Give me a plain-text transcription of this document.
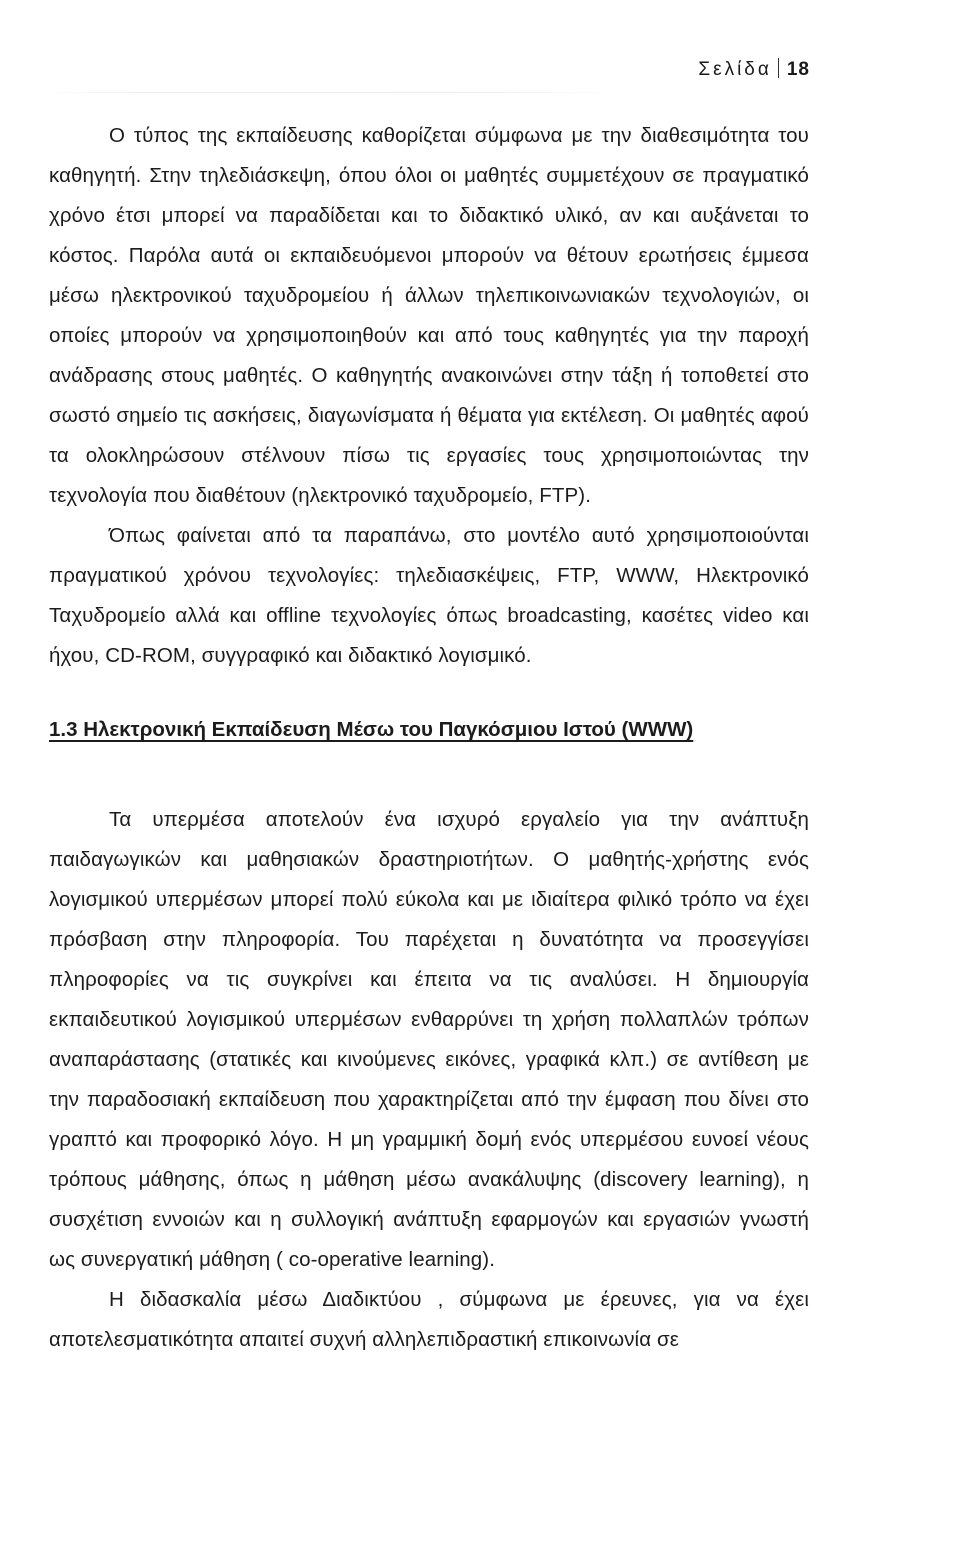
Σελίδα 18

Ο τύπος της εκπαίδευσης καθορίζεται σύμφωνα με την διαθεσιμότητα του καθηγητή. Στην τηλεδιάσκεψη, όπου όλοι οι μαθητές συμμετέχουν σε πραγματικό χρόνο έτσι μπορεί να παραδίδεται και το διδακτικό υλικό, αν και αυξάνεται το κόστος. Παρόλα αυτά οι εκπαιδευόμενοι μπορούν να θέτουν ερωτήσεις έμμεσα μέσω ηλεκτρονικού ταχυδρομείου ή άλλων τηλεπικοινωνιακών τεχνολογιών, οι οποίες μπορούν να χρησιμοποιηθούν και από τους καθηγητές για την παροχή ανάδρασης στους μαθητές. Ο καθηγητής ανακοινώνει στην τάξη ή τοποθετεί στο σωστό σημείο τις ασκήσεις, διαγωνίσματα ή θέματα για εκτέλεση. Οι μαθητές αφού τα ολοκληρώσουν στέλνουν πίσω τις εργασίες τους χρησιμοποιώντας την τεχνολογία που διαθέτουν (ηλεκτρονικό ταχυδρομείο, FTP).

Όπως φαίνεται από τα παραπάνω, στο μοντέλο αυτό χρησιμοποιούνται πραγματικού χρόνου τεχνολογίες: τηλεδιασκέψεις, FTP, WWW, Ηλεκτρονικό Ταχυδρομείο αλλά και offline τεχνολογίες όπως broadcasting, κασέτες video και ήχου, CD-ROM, συγγραφικό και διδακτικό λογισμικό.

1.3 Ηλεκτρονική Εκπαίδευση Μέσω του Παγκόσμιου Ιστού (WWW)

Τα υπερμέσα αποτελούν ένα ισχυρό εργαλείο για την ανάπτυξη παιδαγωγικών και μαθησιακών δραστηριοτήτων. Ο μαθητής-χρήστης ενός λογισμικού υπερμέσων μπορεί πολύ εύκολα και με ιδιαίτερα φιλικό τρόπο να έχει πρόσβαση στην πληροφορία. Του παρέχεται η δυνατότητα να προσεγγίσει πληροφορίες να τις συγκρίνει και έπειτα να τις αναλύσει. Η δημιουργία εκπαιδευτικού λογισμικού υπερμέσων ενθαρρύνει τη χρήση πολλαπλών τρόπων αναπαράστασης (στατικές και κινούμενες εικόνες, γραφικά κλπ.) σε αντίθεση με την παραδοσιακή εκπαίδευση που χαρακτηρίζεται από την έμφαση που δίνει στο γραπτό και προφορικό λόγο. Η μη γραμμική δομή ενός υπερμέσου ευνοεί νέους τρόπους μάθησης, όπως η μάθηση μέσω ανακάλυψης (discovery learning), η συσχέτιση εννοιών και η συλλογική ανάπτυξη εφαρμογών και εργασιών γνωστή ως συνεργατική μάθηση ( co-operative learning).

Η διδασκαλία μέσω Διαδικτύου , σύμφωνα με έρευνες, για να έχει αποτελεσματικότητα απαιτεί συχνή αλληλεπιδραστική επικοινωνία σε
